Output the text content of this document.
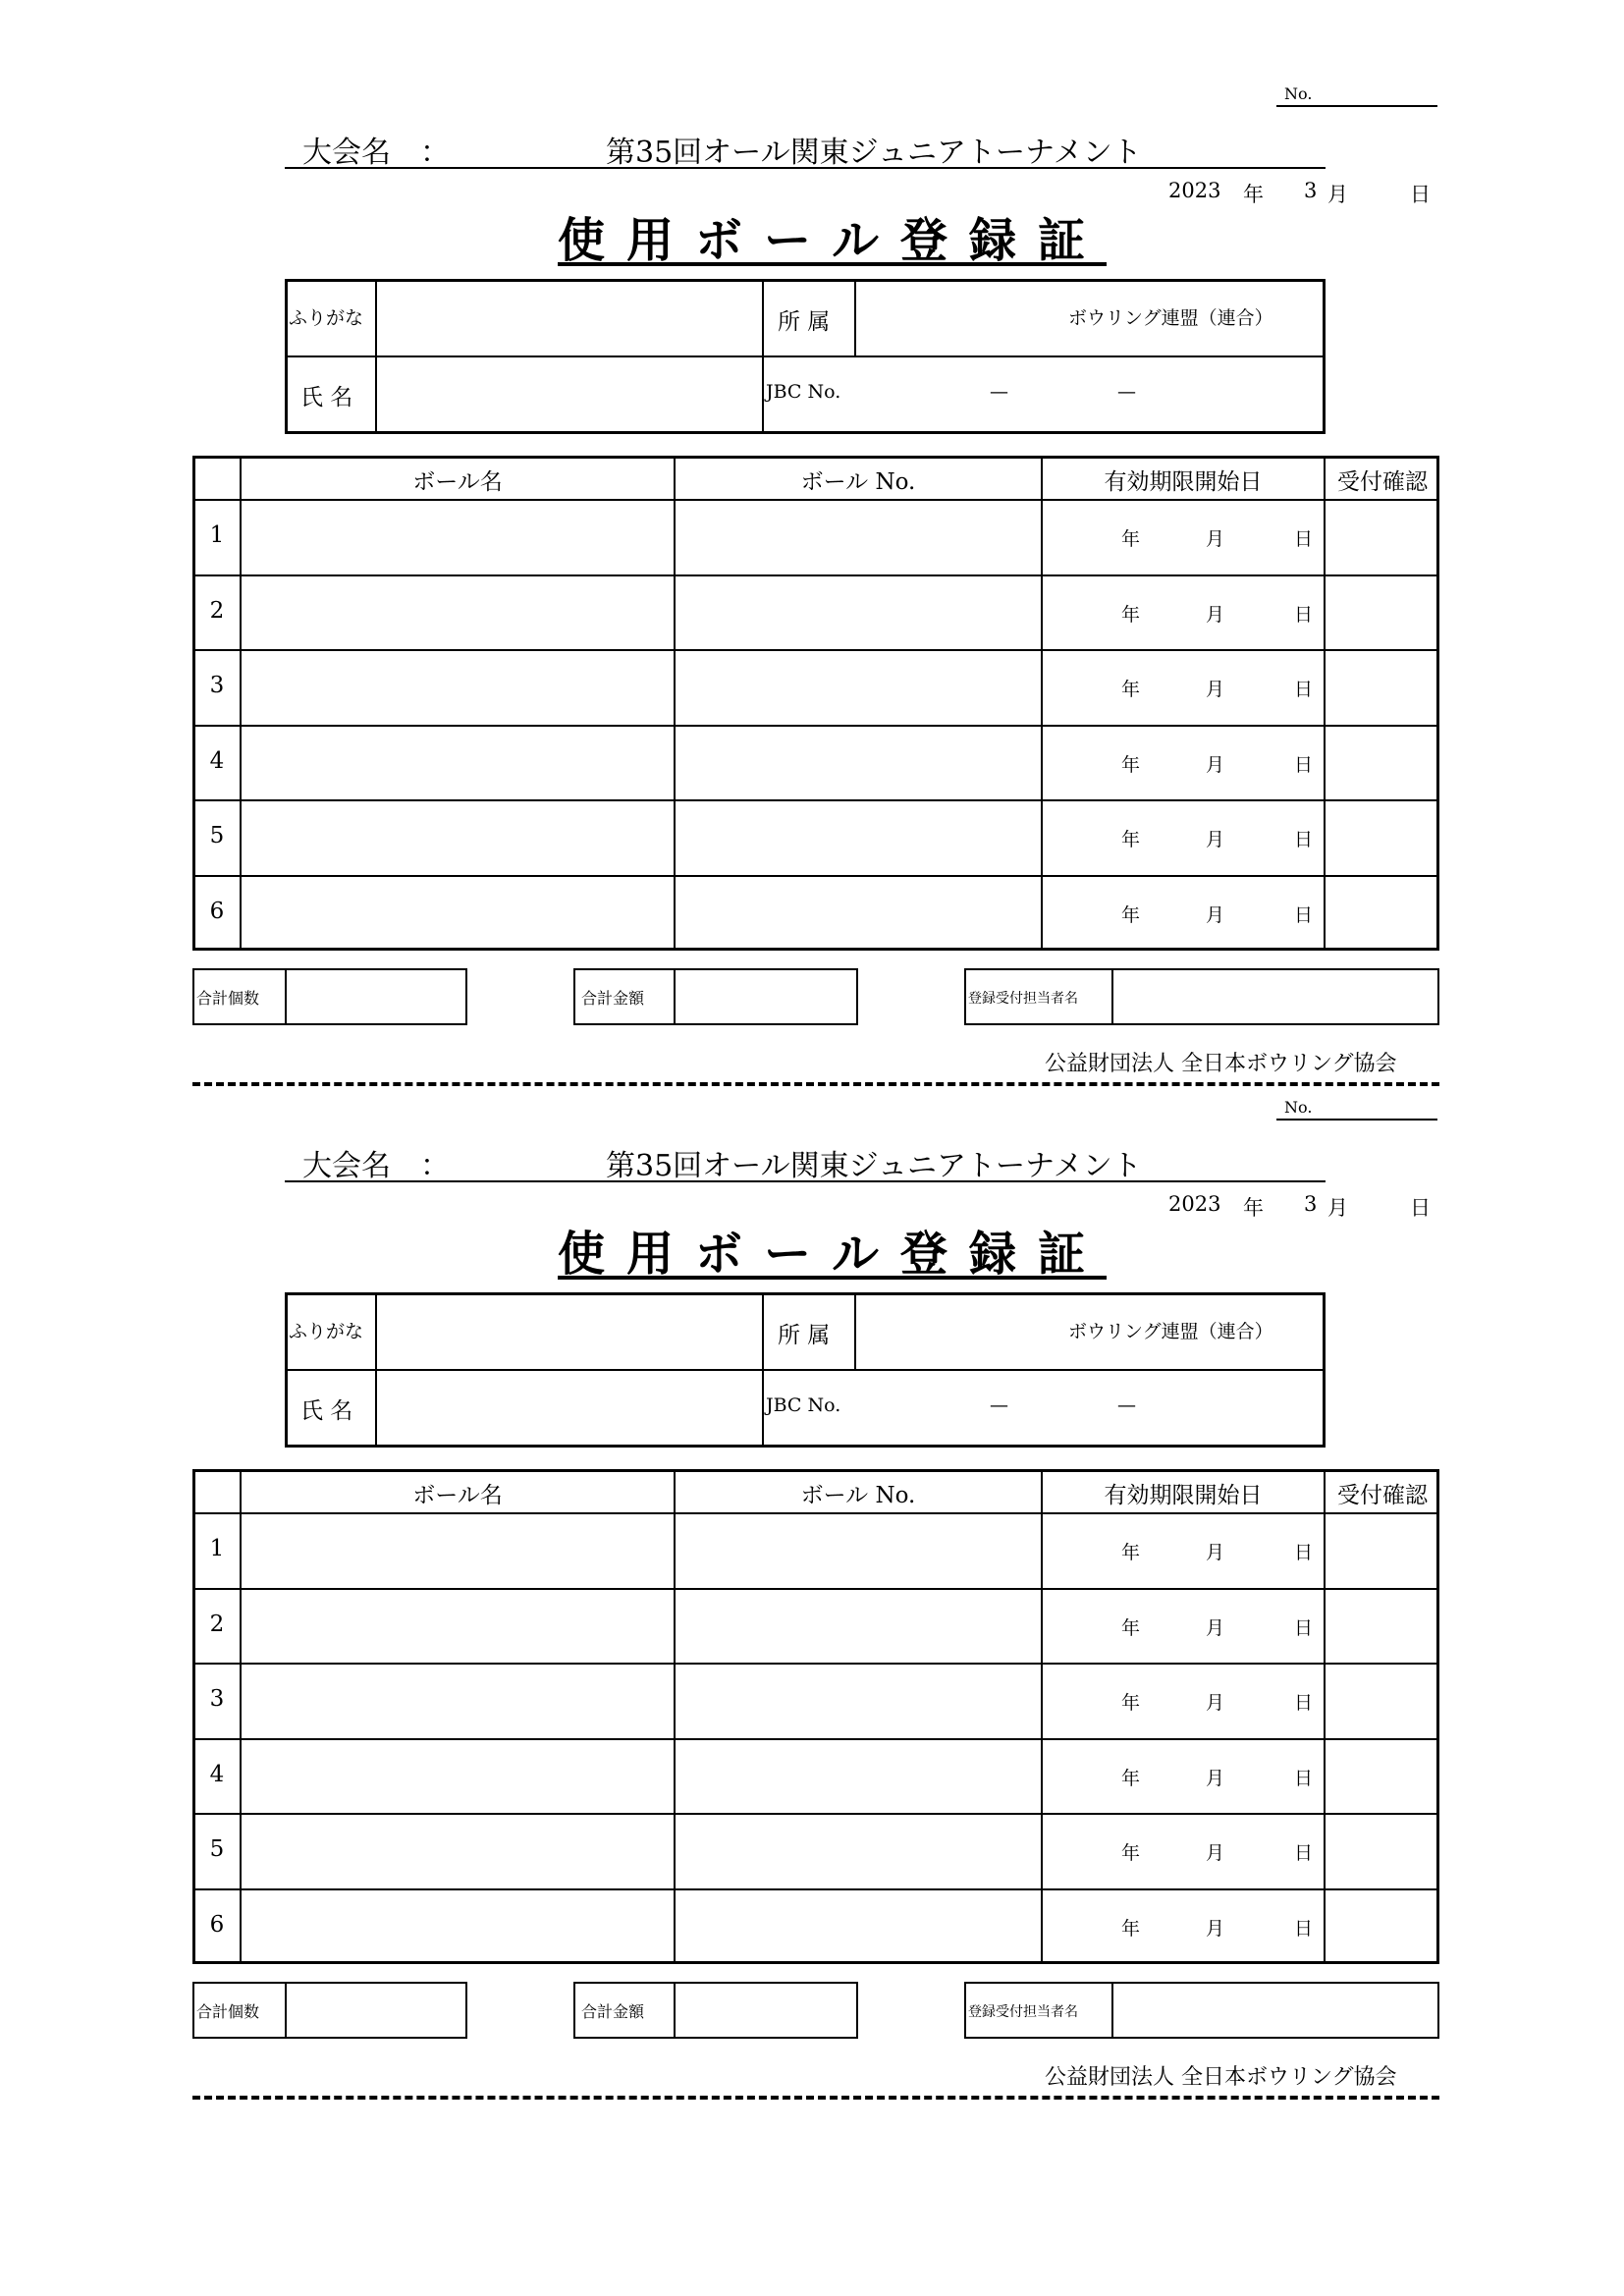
No.
大会名　：	第35回オール関東ジュニアトーナメント
2023 年 3 月	日
使用ボール登録証
ふりがな	所 属	ボウリング連盟（連合）
氏 名	JBC No.	—	—
ボール名	ボール No.	有効期限開始日	受付確認
1	年	月	日
2	年	月	日
3	年	月	日
4	年	月	日
5	年	月	日
6	年	月	日
合計個数	合計金額	登録受付担当者名
公益財団法人 全日本ボウリング協会
No.
大会名　：	第35回オール関東ジュニアトーナメント
2023 年 3 月	日
使用ボール登録証
ふりがな	所 属	ボウリング連盟（連合）
氏 名	JBC No.	—	—
ボール名	ボール No.	有効期限開始日	受付確認
1	年	月	日
2	年	月	日
3	年	月	日
4	年	月	日
5	年	月	日
6	年	月	日
合計個数	合計金額	登録受付担当者名
公益財団法人 全日本ボウリング協会
